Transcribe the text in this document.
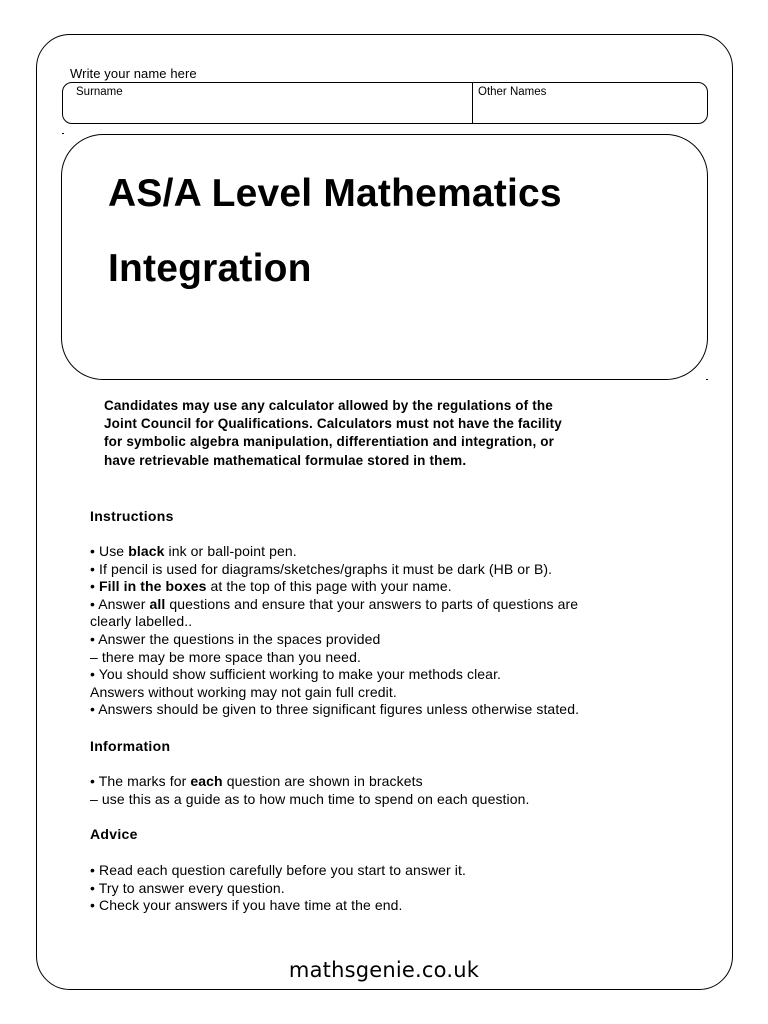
Write your name here
Surname	Other Names
AS/A Level Mathematics
Integration
Candidates may use any calculator allowed by the regulations of the
Joint Council for Qualifications. Calculators must not have the facility
for symbolic algebra manipulation, differentiation and integration, or
have retrievable mathematical formulae stored in them.
Instructions
• Use black ink or ball-point pen.
• If pencil is used for diagrams/sketches/graphs it must be dark (HB or B).
• Fill in the boxes at the top of this page with your name.
• Answer all questions and ensure that your answers to parts of questions are
clearly labelled..
• Answer the questions in the spaces provided
– there may be more space than you need.
• You should show sufficient working to make your methods clear.
Answers without working may not gain full credit.
• Answers should be given to three significant figures unless otherwise stated.
Information
• The marks for each question are shown in brackets
– use this as a guide as to how much time to spend on each question.
Advice
• Read each question carefully before you start to answer it.
• Try to answer every question.
• Check your answers if you have time at the end.
mathsgenie.co.uk
